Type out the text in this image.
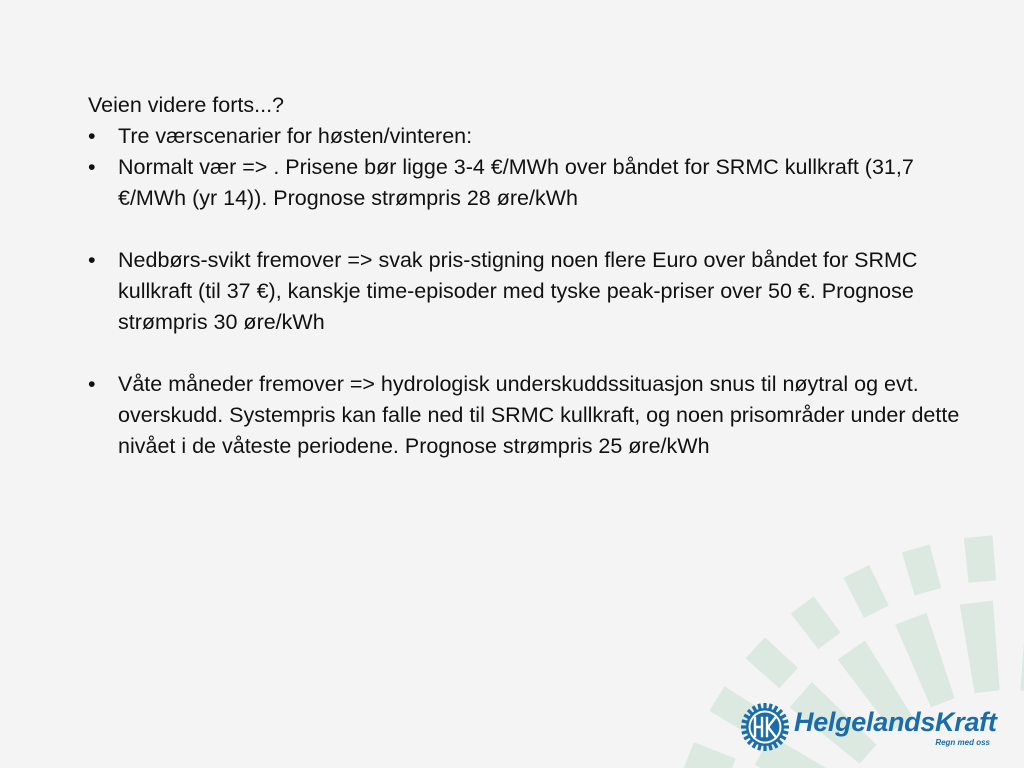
Veien videre forts...?

• Tre værscenarier for høsten/vinteren:
• Normalt vær => . Prisene bør ligge 3-4 €/MWh over båndet for SRMC kullkraft (31,7 €/MWh (yr 14)). Prognose strømpris 28 øre/kWh
• Nedbørs-svikt fremover => svak pris-stigning noen flere Euro over båndet for SRMC kullkraft (til 37 €), kanskje time-episoder med tyske peak-priser over 50 €. Prognose strømpris 30 øre/kWh
• Våte måneder fremover => hydrologisk underskuddssituasjon snus til nøytral og evt. overskudd. Systempris kan falle ned til SRMC kullkraft, og noen prisområder under dette nivået i de våteste periodene. Prognose strømpris 25 øre/kWh
HelgelandsKraft
Regn med oss
